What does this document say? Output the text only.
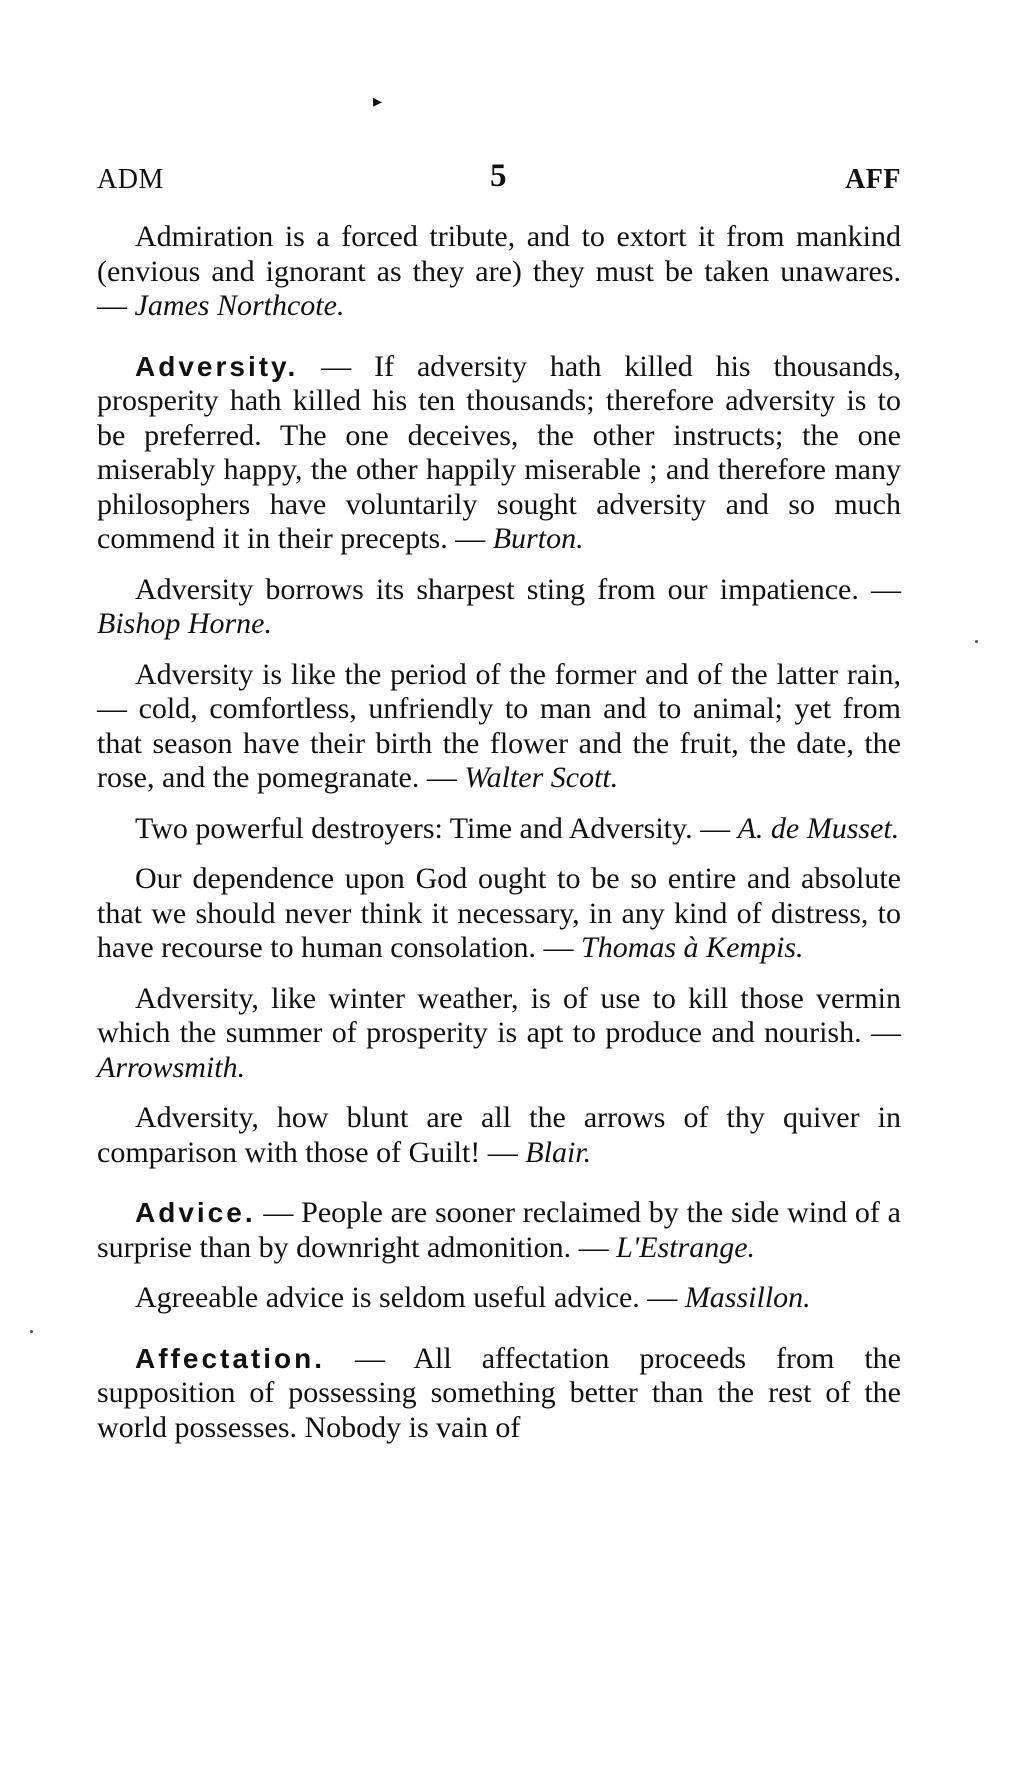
▸
ADM	5	AFF

Admiration is a forced tribute, and to extort it from mankind (envious and ignorant as they are) they must be taken unawares. — James Northcote.

Adversity. — If adversity hath killed his thousands, prosperity hath killed his ten thousands; therefore adversity is to be preferred. The one deceives, the other instructs; the one miserably happy, the other happily miserable ; and therefore many philosophers have voluntarily sought adversity and so much commend it in their precepts. — Burton.

Adversity borrows its sharpest sting from our impatience. — Bishop Horne.

Adversity is like the period of the former and of the latter rain, — cold, comfortless, unfriendly to man and to animal; yet from that season have their birth the flower and the fruit, the date, the rose, and the pomegranate. — Walter Scott.

Two powerful destroyers: Time and Adversity. — A. de Musset.

Our dependence upon God ought to be so entire and absolute that we should never think it necessary, in any kind of distress, to have recourse to human consolation. — Thomas à Kempis.

Adversity, like winter weather, is of use to kill those vermin which the summer of prosperity is apt to produce and nourish. — Arrowsmith.

Adversity, how blunt are all the arrows of thy quiver in comparison with those of Guilt! — Blair.

Advice. — People are sooner reclaimed by the side wind of a surprise than by downright admonition. — L'Estrange.

Agreeable advice is seldom useful advice. — Massillon.

Affectation. — All affectation proceeds from the supposition of possessing something better than the rest of the world possesses. Nobody is vain of
